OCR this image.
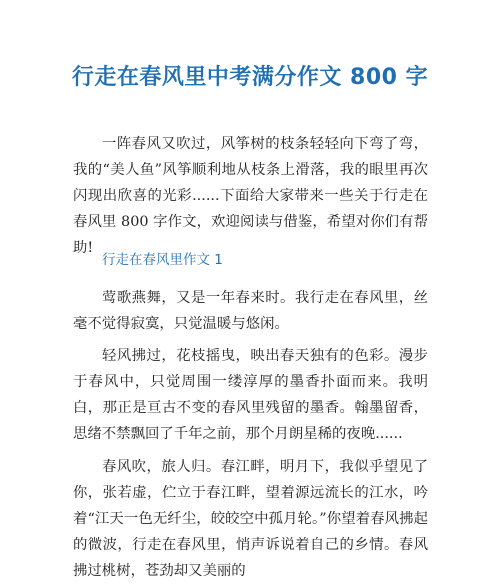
行走在春风里中考满分作文 800 字

一阵春风又吹过，风筝树的枝条轻轻向下弯了弯，我的“美人鱼”风筝顺利地从枝条上滑落，我的眼里再次闪现出欣喜的光彩......下面给大家带来一些关于行走在春风里 800 字作文，欢迎阅读与借鉴，希望对你们有帮助!

行走在春风里作文 1

莺歌燕舞，又是一年春来时。我行走在春风里，丝毫不觉得寂寞，只觉温暖与悠闲。

轻风拂过，花枝摇曳，映出春天独有的色彩。漫步于春风中，只觉周围一缕淳厚的墨香扑面而来。我明白，那正是亘古不变的春风里残留的墨香。翰墨留香，思绪不禁飘回了千年之前，那个月朗星稀的夜晚......

春风吹，旅人归。春江畔，明月下，我似乎望见了你，张若虚，伫立于春江畔，望着源远流长的江水，吟着“江天一色无纤尘，皎皎空中孤月轮。”你望着春风拂起的微波，行走在春风里，悄声诉说着自己的乡情。春风拂过桃树，苍劲却又美丽的
